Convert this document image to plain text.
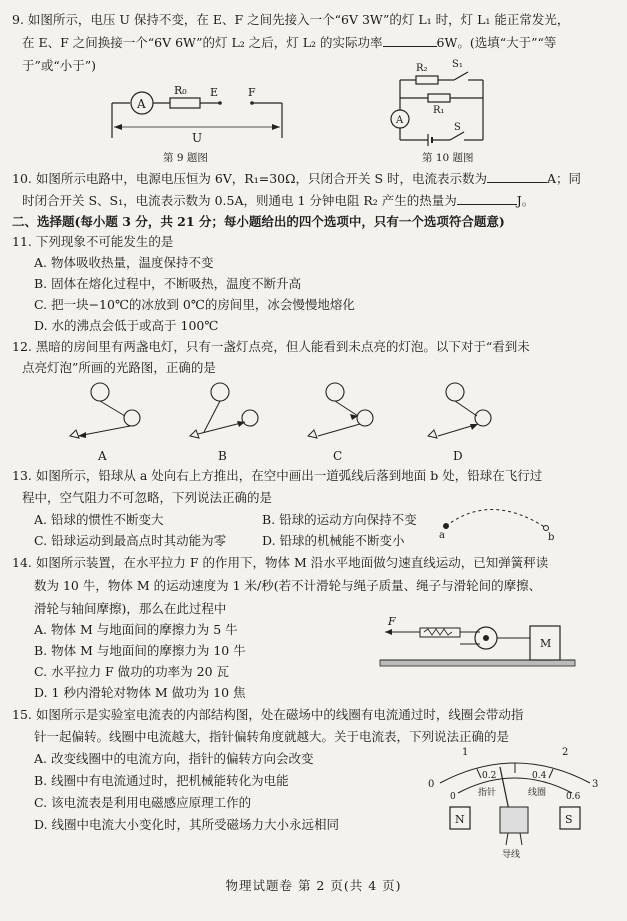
9. 如图所示，电压 U 保持不变，在 E、F 之间先接入一个“6V 3W”的灯 L₁ 时，灯 L₁ 能正常发光，
在 E、F 之间换接一个“6V 6W”的灯 L₂ 之后，灯 L₂ 的实际功率	6W。(选填“大于”“等
于”或“小于”)
A
R₀ E	F
U
第 9 题图
R₂ S₁
R₁
A
S
第 10 题图
10. 如图所示电路中，电源电压恒为 6V，R₁=30Ω，只闭合开关 S 时，电流表示数为	A；同
时闭合开关 S、S₁，电流表示数为 0.5A，则通电 1 分钟电阻 R₂ 产生的热量为	J。
二、选择题(每小题 3 分，共 21 分；每小题给出的四个选项中，只有一个选项符合题意)
11. 下列现象不可能发生的是
A. 物体吸收热量，温度保持不变
B. 固体在熔化过程中，不断吸热，温度不断升高
C. 把一块−10℃的冰放到 0℃的房间里，冰会慢慢地熔化
D. 水的沸点会低于或高于 100℃
12. 黑暗的房间里有两盏电灯，只有一盏灯点亮，但人能看到未点亮的灯泡。以下对于“看到未
点亮灯泡”所画的光路图，正确的是
A	B	C	D
13. 如图所示，铅球从 a 处向右上方推出，在空中画出一道弧线后落到地面 b 处，铅球在飞行过
程中，空气阻力不可忽略，下列说法正确的是
A. 铅球的惯性不断变大	B. 铅球的运动方向保持不变
C. 铅球运动到最高点时其动能为零	D. 铅球的机械能不断变小	a	b
14. 如图所示装置，在水平拉力 F 的作用下，物体 M 沿水平地面做匀速直线运动，已知弹簧秤读
数为 10 牛，物体 M 的运动速度为 1 米/秒(若不计滑轮与绳子质量、绳子与滑轮间的摩擦、
滑轮与轴间摩擦)，那么在此过程中
A. 物体 M 与地面间的摩擦力为 5 牛
B. 物体 M 与地面间的摩擦力为 10 牛
C. 水平拉力 F 做功的功率为 20 瓦
D. 1 秒内滑轮对物体 M 做功为 10 焦
F
M
15. 如图所示是实验室电流表的内部结构图，处在磁场中的线圈有电流通过时，线圈会带动指
针一起偏转。线圈中电流越大，指针偏转角度就越大。关于电流表，下列说法正确的是
A. 改变线圈中的电流方向，指针的偏转方向会改变
B. 线圈中有电流通过时，把机械能转化为电能
C. 该电流表是利用电磁感应原理工作的
D. 线圈中电流大小变化时，其所受磁场力大小永远相同
1	2
0	3
0
0.2	0.4
0.6
指针	线圈
N	S
导线
物理试题卷 第 2 页(共 4 页)
